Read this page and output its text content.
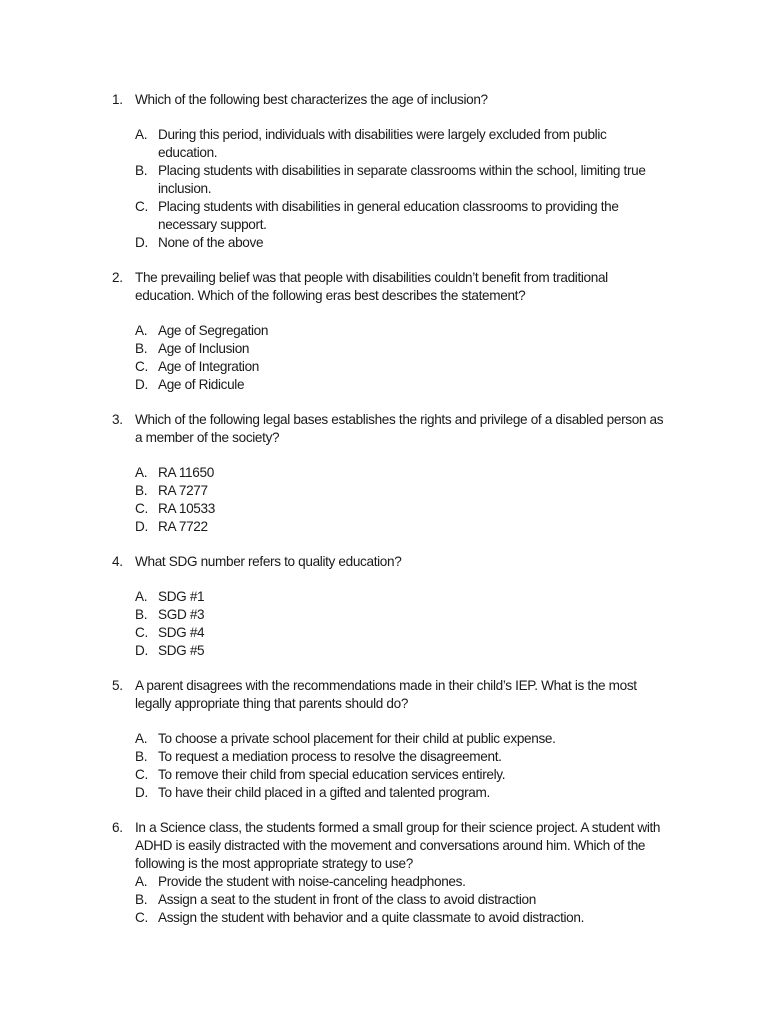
1. Which of the following best characterizes the age of inclusion?
A. During this period, individuals with disabilities were largely excluded from public education.
B. Placing students with disabilities in separate classrooms within the school, limiting true inclusion.
C. Placing students with disabilities in general education classrooms to providing the necessary support.
D. None of the above
2. The prevailing belief was that people with disabilities couldn’t benefit from traditional education. Which of the following eras best describes the statement?
A. Age of Segregation
B. Age of Inclusion
C. Age of Integration
D. Age of Ridicule
3. Which of the following legal bases establishes the rights and privilege of a disabled person as a member of the society?
A. RA 11650
B. RA 7277
C. RA 10533
D. RA 7722
4. What SDG number refers to quality education?
A. SDG #1
B. SGD #3
C. SDG #4
D. SDG #5
5. A parent disagrees with the recommendations made in their child’s IEP. What is the most legally appropriate thing that parents should do?
A. To choose a private school placement for their child at public expense.
B. To request a mediation process to resolve the disagreement.
C. To remove their child from special education services entirely.
D. To have their child placed in a gifted and talented program.
6. In a Science class, the students formed a small group for their science project. A student with ADHD is easily distracted with the movement and conversations around him. Which of the following is the most appropriate strategy to use?
A. Provide the student with noise-canceling headphones.
B. Assign a seat to the student in front of the class to avoid distraction
C. Assign the student with behavior and a quite classmate to avoid distraction.
